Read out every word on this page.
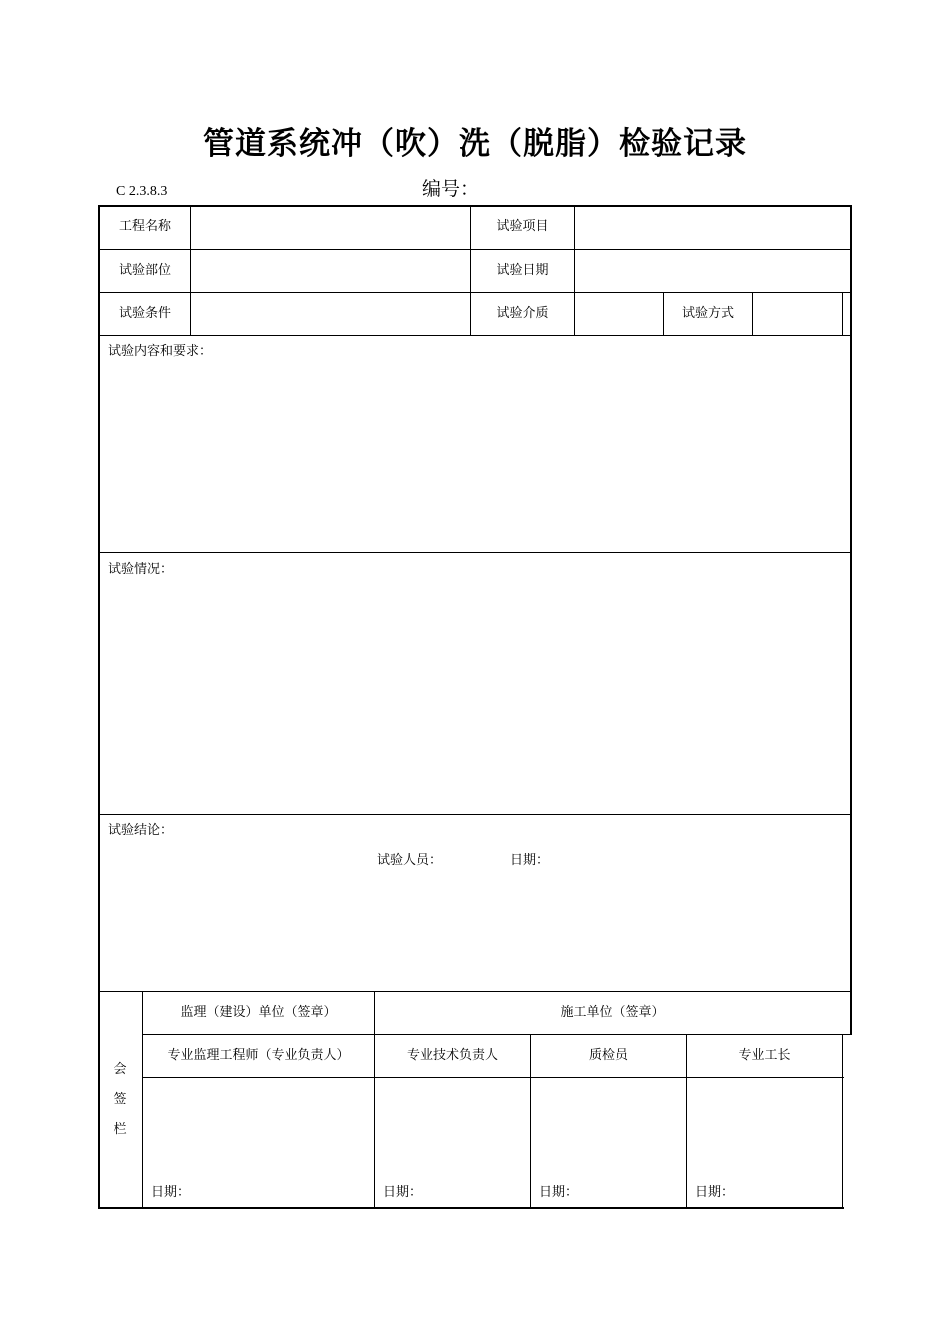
管道系统冲（吹）洗（脱脂）检验记录
C 2.3.8.3	编号：
工程名称	试验项目
试验部位	试验日期
试验条件	试验介质	试验方式
试验内容和要求：
试验情况：
试验结论：
试验人员：	日期：
会
签
栏
监理（建设）单位（签章）	施工单位（签章）
专业监理工程师（专业负责人）	专业技术负责人	质检员	专业工长
日期：	日期：	日期：	日期：
